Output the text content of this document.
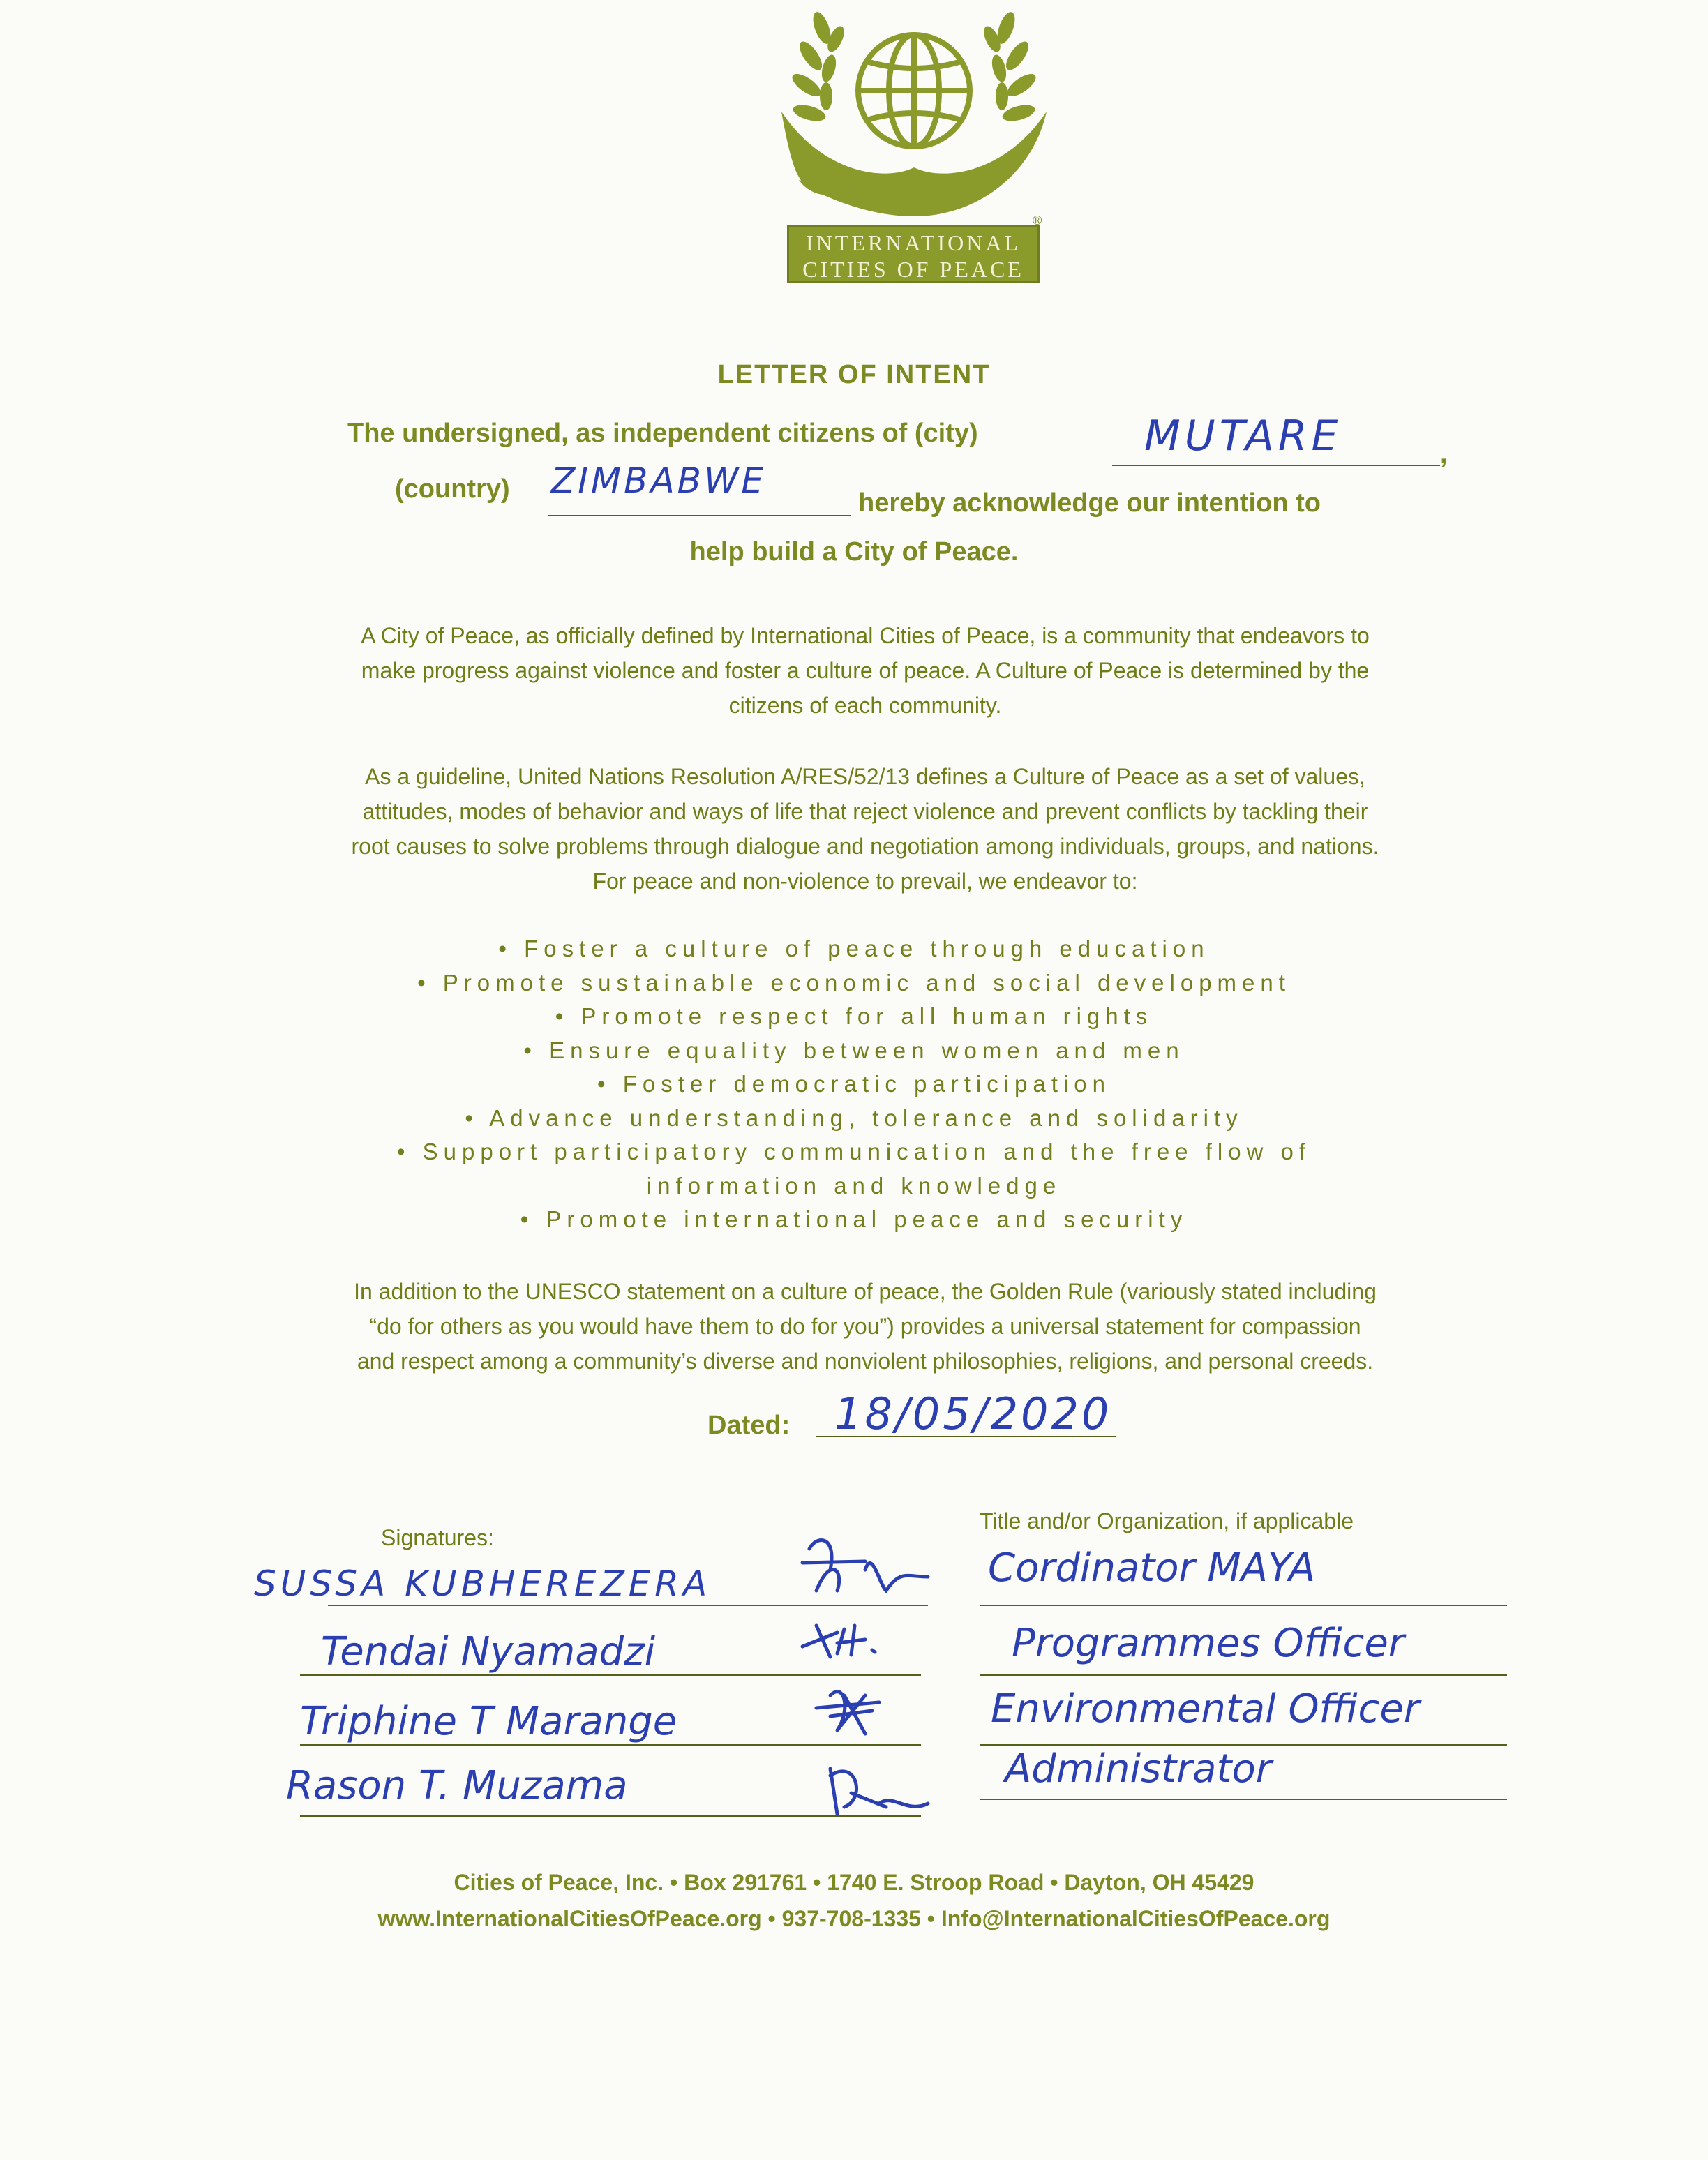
INTERNATIONAL
CITIES OF PEACE
®
LETTER OF INTENT
The undersigned, as independent citizens of (city)	MUTARE	,
(country) ZIMBABWE
hereby acknowledge our intention to
help build a City of Peace.
A City of Peace, as officially defined by International Cities of Peace, is a community that endeavors to
make progress against violence and foster a culture of peace. A Culture of Peace is determined by the
citizens of each community.
As a guideline, United Nations Resolution A/RES/52/13 defines a Culture of Peace as a set of values,
attitudes, modes of behavior and ways of life that reject violence and prevent conflicts by tackling their
root causes to solve problems through dialogue and negotiation among individuals, groups, and nations.
For peace and non-violence to prevail, we endeavor to:
• Foster a culture of peace through education
• Promote sustainable economic and social development
• Promote respect for all human rights
• Ensure equality between women and men
• Foster democratic participation
• Advance understanding, tolerance and solidarity
• Support participatory communication and the free flow of
information and knowledge
• Promote international peace and security
In addition to the UNESCO statement on a culture of peace, the Golden Rule (variously stated including
“do for others as you would have them to do for you”) provides a universal statement for compassion
and respect among a community’s diverse and nonviolent philosophies, religions, and personal creeds.
Dated: 18/05/2020
Signatures:
Title and/or Organization, if applicable
SUSSA KUBHEREZERA	Cordinator MAYA
Tendai Nyamadzi	Programmes Officer
Triphine T Marange	Environmental Officer
Rason T. Muzama	Administrator
Cities of Peace, Inc. • Box 291761 • 1740 E. Stroop Road • Dayton, OH 45429
www.InternationalCitiesOfPeace.org • 937-708-1335 • Info@InternationalCitiesOfPeace.org
